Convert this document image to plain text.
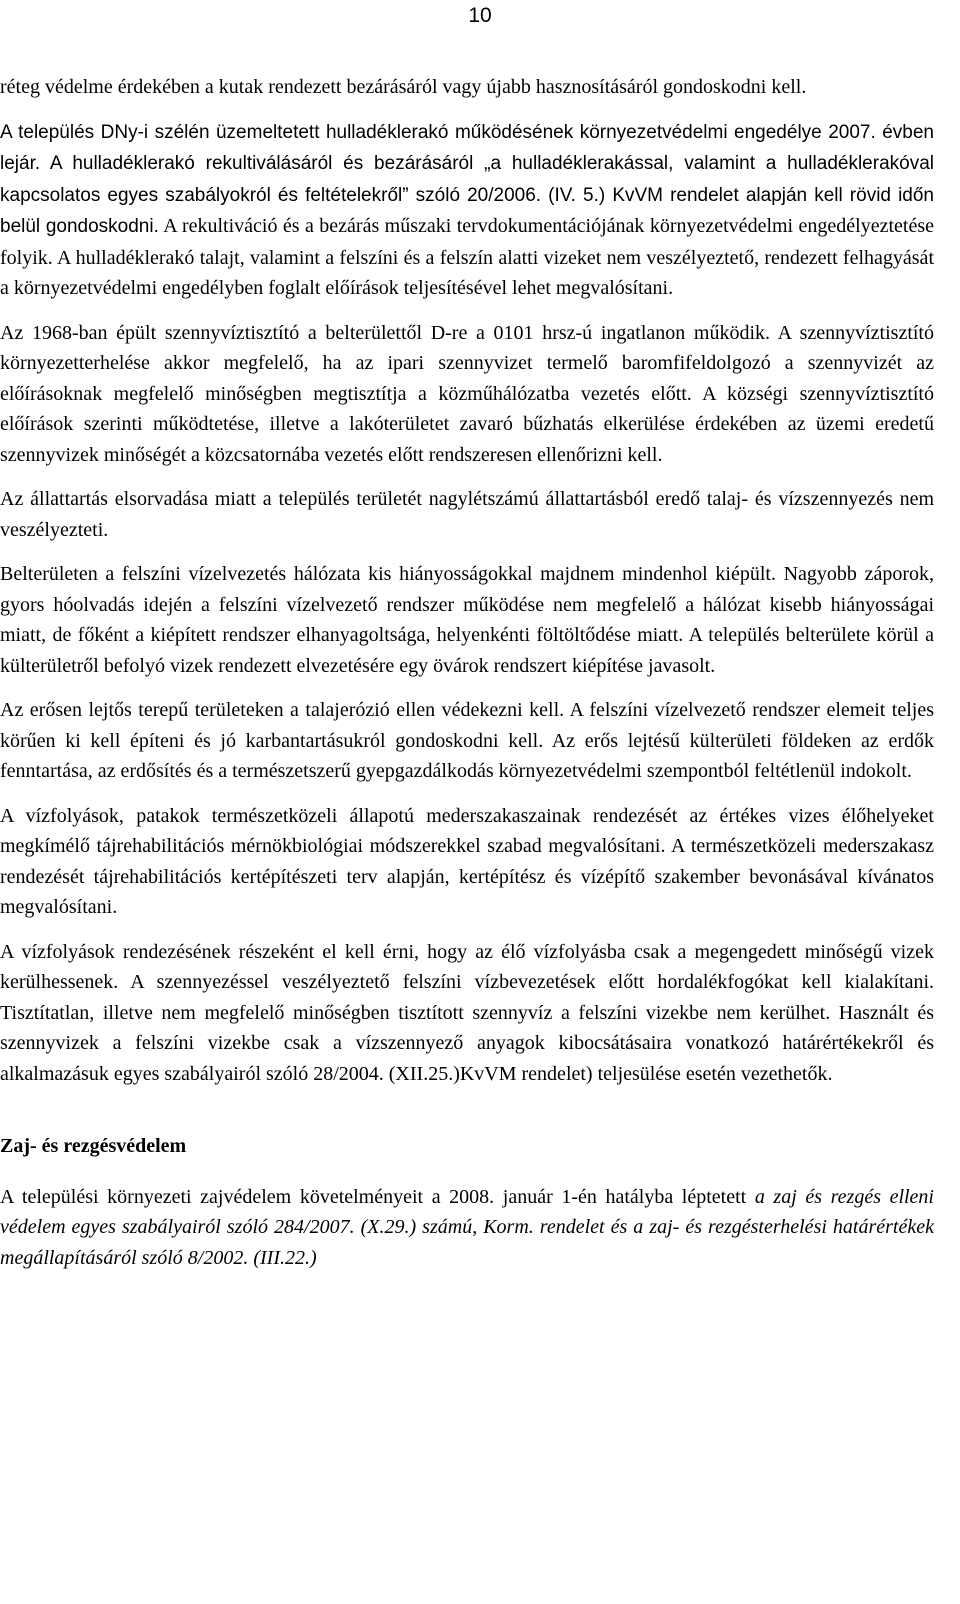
10

réteg védelme érdekében a kutak rendezett bezárásáról vagy újabb hasznosításáról gondoskodni kell.

A település DNy-i szélén üzemeltetett hulladéklerakó működésének környezetvédelmi engedélye 2007. évben lejár. A hulladéklerakó rekultiválásáról és bezárásáról „a hulladéklerakással, valamint a hulladéklerakóval kapcsolatos egyes szabályokról és feltételekről” szóló 20/2006. (IV. 5.) KvVM rendelet alapján kell rövid időn belül gondoskodni. A rekultiváció és a bezárás műszaki tervdokumentációjának környezetvédelmi engedélyeztetése folyik. A hulladéklerakó talajt, valamint a felszíni és a felszín alatti vizeket nem veszélyeztető, rendezett felhagyását a környezetvédelmi engedélyben foglalt előírások teljesítésével lehet megvalósítani.

Az 1968-ban épült szennyvíztisztító a belterülettől D-re a 0101 hrsz-ú ingatlanon működik. A szennyvíztisztító környezetterhelése akkor megfelelő, ha az ipari szennyvizet termelő baromfifeldolgozó a szennyvizét az előírásoknak megfelelő minőségben megtisztítja a közműhálózatba vezetés előtt. A községi szennyvíztisztító előírások szerinti működtetése, illetve a lakóterületet zavaró bűzhatás elkerülése érdekében az üzemi eredetű szennyvizek minőségét a közcsatornába vezetés előtt rendszeresen ellenőrizni kell.

Az állattartás elsorvadása miatt a település területét nagylétszámú állattartásból eredő talaj- és vízszennyezés nem veszélyezteti.

Belterületen a felszíni vízelvezetés hálózata kis hiányosságokkal majdnem mindenhol kiépült. Nagyobb záporok, gyors hóolvadás idején a felszíni vízelvezető rendszer működése nem megfelelő a hálózat kisebb hiányosságai miatt, de főként a kiépített rendszer elhanyagoltsága, helyenkénti föltöltődése miatt. A település belterülete körül a külterületről befolyó vizek rendezett elvezetésére egy övárok rendszert kiépítése javasolt.

Az erősen lejtős terepű területeken a talajerózió ellen védekezni kell. A felszíni vízelvezető rendszer elemeit teljes körűen ki kell építeni és jó karbantartásukról gondoskodni kell. Az erős lejtésű külterületi földeken az erdők fenntartása, az erdősítés és a természetszerű gyepgazdálkodás környezetvédelmi szempontból feltétlenül indokolt.

A vízfolyások, patakok természetközeli állapotú mederszakaszainak rendezését az értékes vizes élőhelyeket megkímélő tájrehabilitációs mérnökbiológiai módszerekkel szabad megvalósítani. A természetközeli mederszakasz rendezését tájrehabilitációs kertépítészeti terv alapján, kertépítész és vízépítő szakember bevonásával kívánatos megvalósítani.

A vízfolyások rendezésének részeként el kell érni, hogy az élő vízfolyásba csak a megengedett minőségű vizek kerülhessenek. A szennyezéssel veszélyeztető felszíni vízbevezetések előtt hordalékfogókat kell kialakítani. Tisztítatlan, illetve nem megfelelő minőségben tisztított szennyvíz a felszíni vizekbe nem kerülhet. Használt és szennyvizek a felszíni vizekbe csak a vízszennyező anyagok kibocsátásaira vonatkozó határértékekről és alkalmazásuk egyes szabályairól szóló 28/2004. (XII.25.)KvVM rendelet) teljesülése esetén vezethetők.

Zaj- és rezgésvédelem

A települési környezeti zajvédelem követelményeit a 2008. január 1-én hatályba léptetett a zaj és rezgés elleni védelem egyes szabályairól szóló 284/2007. (X.29.) számú, Korm. rendelet és a zaj- és rezgésterhelési határértékek megállapításáról szóló 8/2002. (III.22.)
